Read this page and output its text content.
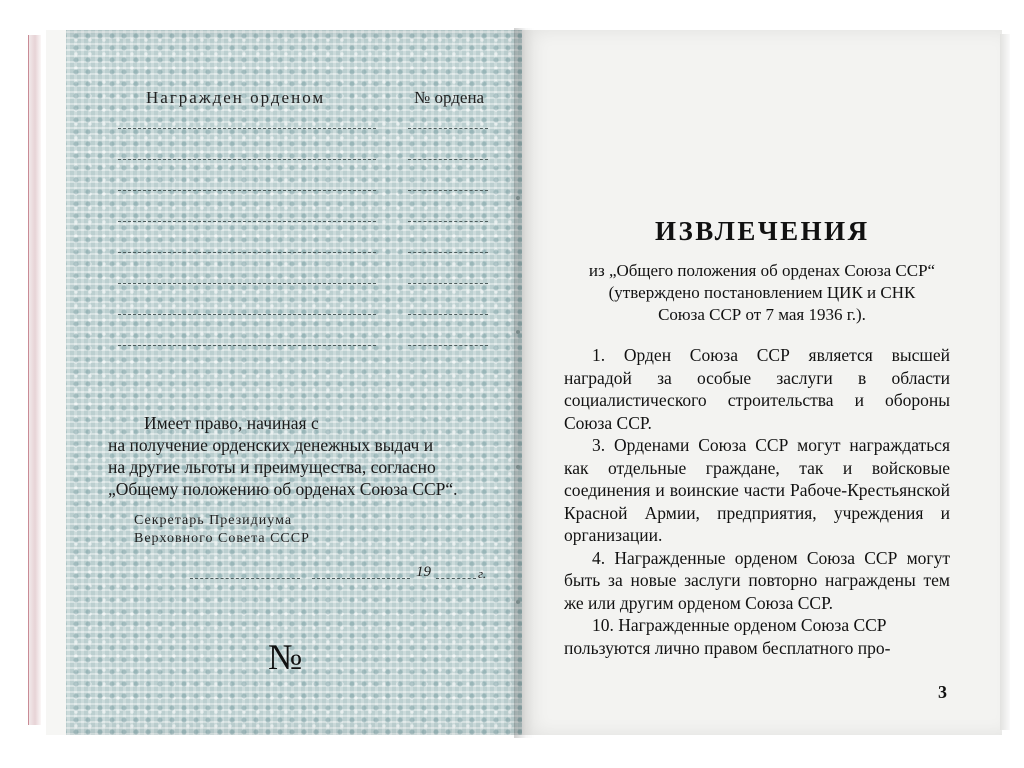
Награжден орденом	№ ордена
Имеет право, начиная с
на получение орденских денежных выдач и
на другие льготы и преимущества, согласно
„Общему положению об орденах Союза ССР“.
Секретарь Президиума
Верховного Совета СССР
19	г.
№
ИЗВЛЕЧЕНИЯ
из „Общего положения об орденах Союза ССР“
(утверждено постановлением ЦИК и СНК
Союза ССР от 7 мая 1936 г.).

1. Орден Союза ССР является высшей наградой за особые заслуги в области социалистического строительства и обороны Союза ССР.

3. Орденами Союза ССР могут награждаться как отдельные граждане, так и войсковые соединения и воинские части Рабоче-Крестьянской Красной Армии, предприятия, учреждения и организации.

4. Награжденные орденом Союза ССР могут быть за новые заслуги повторно награждены тем же или другим орденом Союза ССР.

10. Награжденные орденом Союза ССР пользуются лично правом бесплатного про-

3
